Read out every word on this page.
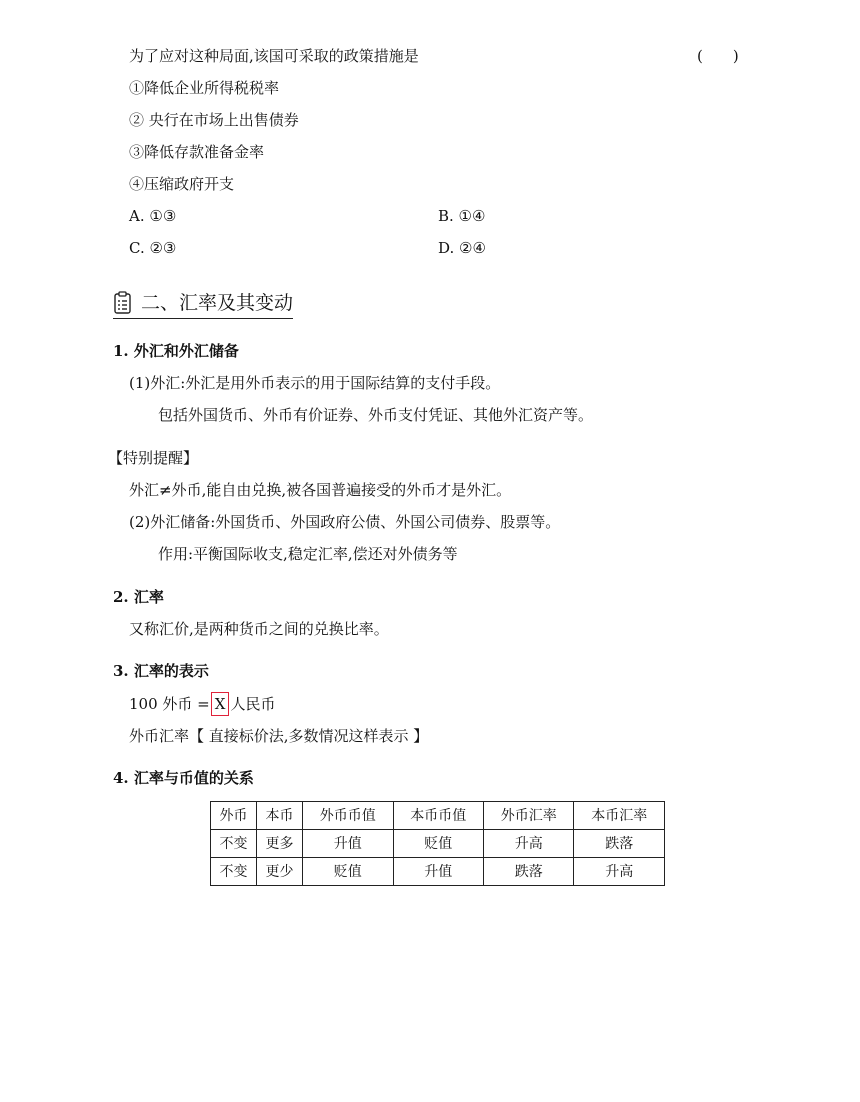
为了应对这种局面,该国可采取的政策措施是	(　　)
①降低企业所得税税率
② 央行在市场上出售债券
③降低存款准备金率
④压缩政府开支
A. ①③	B. ①④
C. ②③	D. ②④
二、汇率及其变动
1. 外汇和外汇储备
(1)外汇:外汇是用外币表示的用于国际结算的支付手段。
包括外国货币、外币有价证券、外币支付凭证、其他外汇资产等。
【特别提醒】
外汇≠外币,能自由兑换,被各国普遍接受的外币才是外汇。
(2)外汇储备:外国货币、外国政府公债、外国公司债券、股票等。
作用:平衡国际收支,稳定汇率,偿还对外债务等
2. 汇率
又称汇价,是两种货币之间的兑换比率。
3. 汇率的表示
100 外币 = X 人民币
外币汇率【 直接标价法,多数情况这样表示 】
4. 汇率与币值的关系
外币	本币	外币币值	本币币值	外币汇率	本币汇率
不变	更多	升值	贬值	升高	跌落
不变	更少	贬值	升值	跌落	升高
